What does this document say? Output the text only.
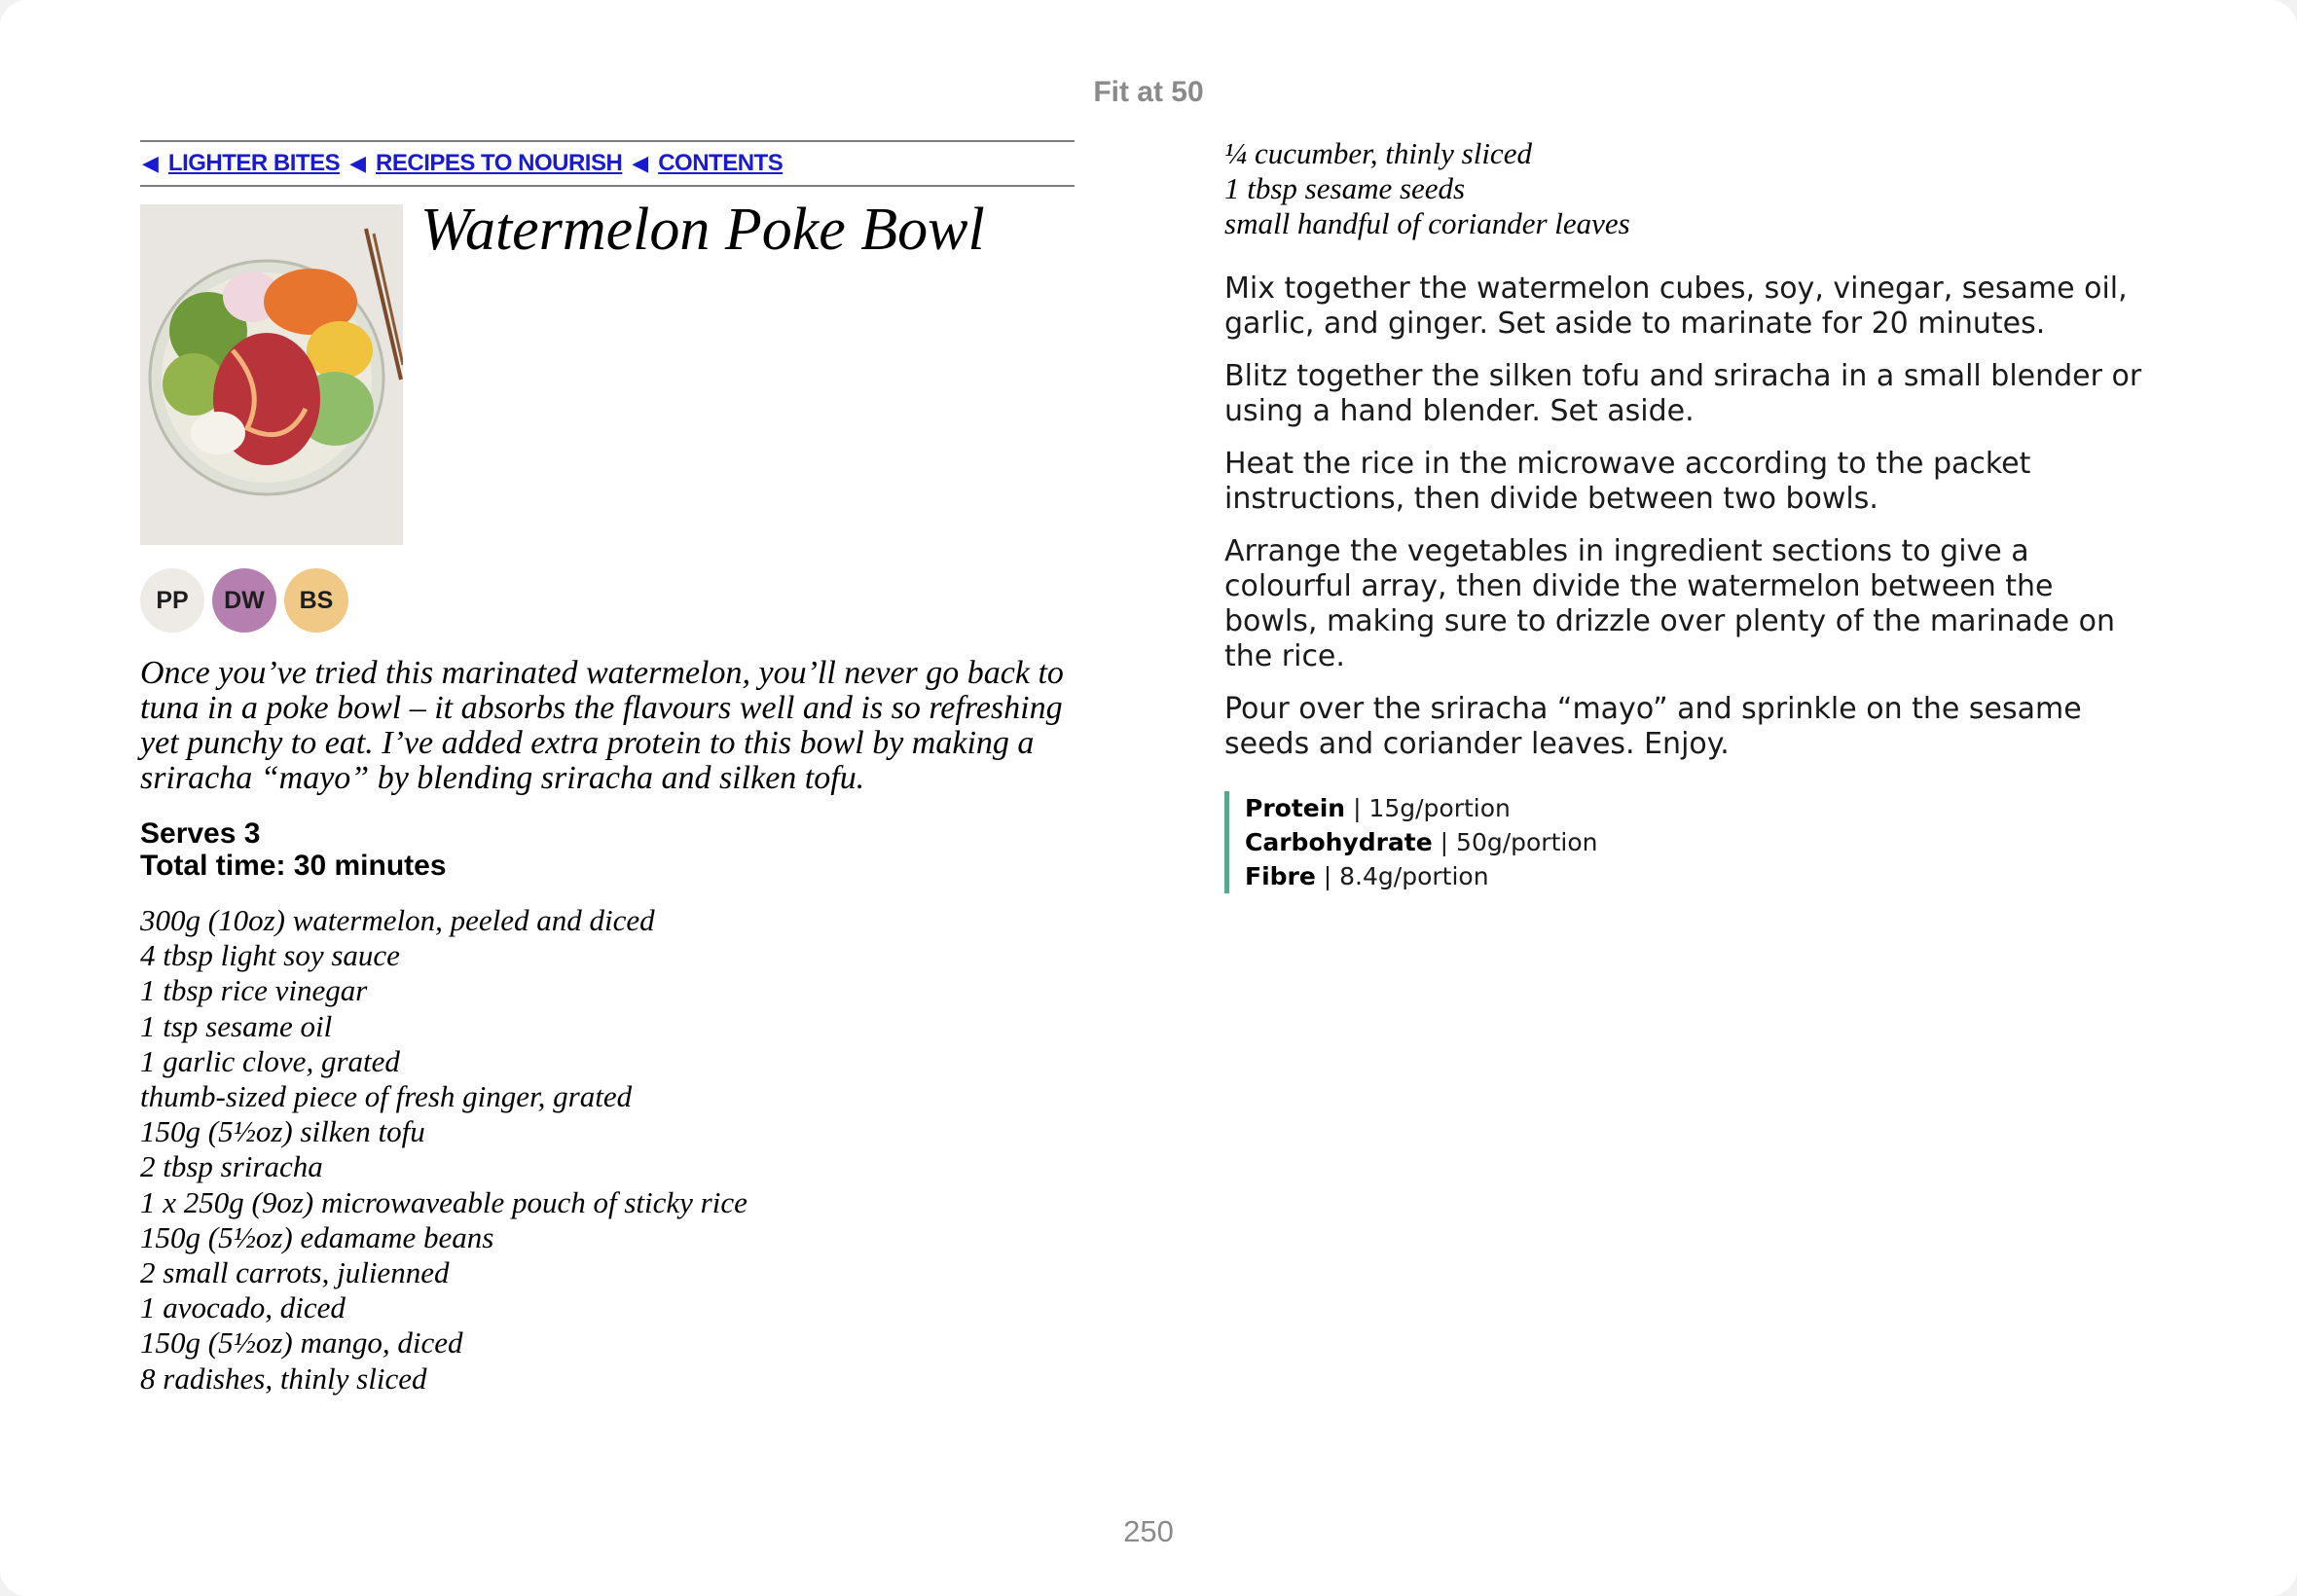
Fit at 50
◀ LIGHTER BITES ◀ RECIPES TO NOURISH ◀ CONTENTS
Watermelon Poke Bowl
PP	DW	BS
Once you’ve tried this marinated watermelon, you’ll never go back to tuna in a poke bowl – it absorbs the flavours well and is so refreshing yet punchy to eat. I’ve added extra protein to this bowl by making a sriracha “mayo” by blending sriracha and silken tofu.
Serves 3
Total time: 30 minutes
300g (10oz) watermelon, peeled and diced
4 tbsp light soy sauce
1 tbsp rice vinegar
1 tsp sesame oil
1 garlic clove, grated
thumb-sized piece of fresh ginger, grated
150g (5½oz) silken tofu
2 tbsp sriracha
1 x 250g (9oz) microwaveable pouch of sticky rice
150g (5½oz) edamame beans
2 small carrots, julienned
1 avocado, diced
150g (5½oz) mango, diced
8 radishes, thinly sliced
¼ cucumber, thinly sliced
1 tbsp sesame seeds
small handful of coriander leaves

Mix together the watermelon cubes, soy, vinegar, sesame oil, garlic, and ginger. Set aside to marinate for 20 minutes.

Blitz together the silken tofu and sriracha in a small blender or using a hand blender. Set aside.

Heat the rice in the microwave according to the packet instructions, then divide between two bowls.

Arrange the vegetables in ingredient sections to give a colourful array, then divide the watermelon between the bowls, making sure to drizzle over plenty of the marinade on the rice.

Pour over the sriracha “mayo” and sprinkle on the sesame seeds and coriander leaves. Enjoy.

Protein | 15g/portion
Carbohydrate | 50g/portion
Fibre | 8.4g/portion
250
